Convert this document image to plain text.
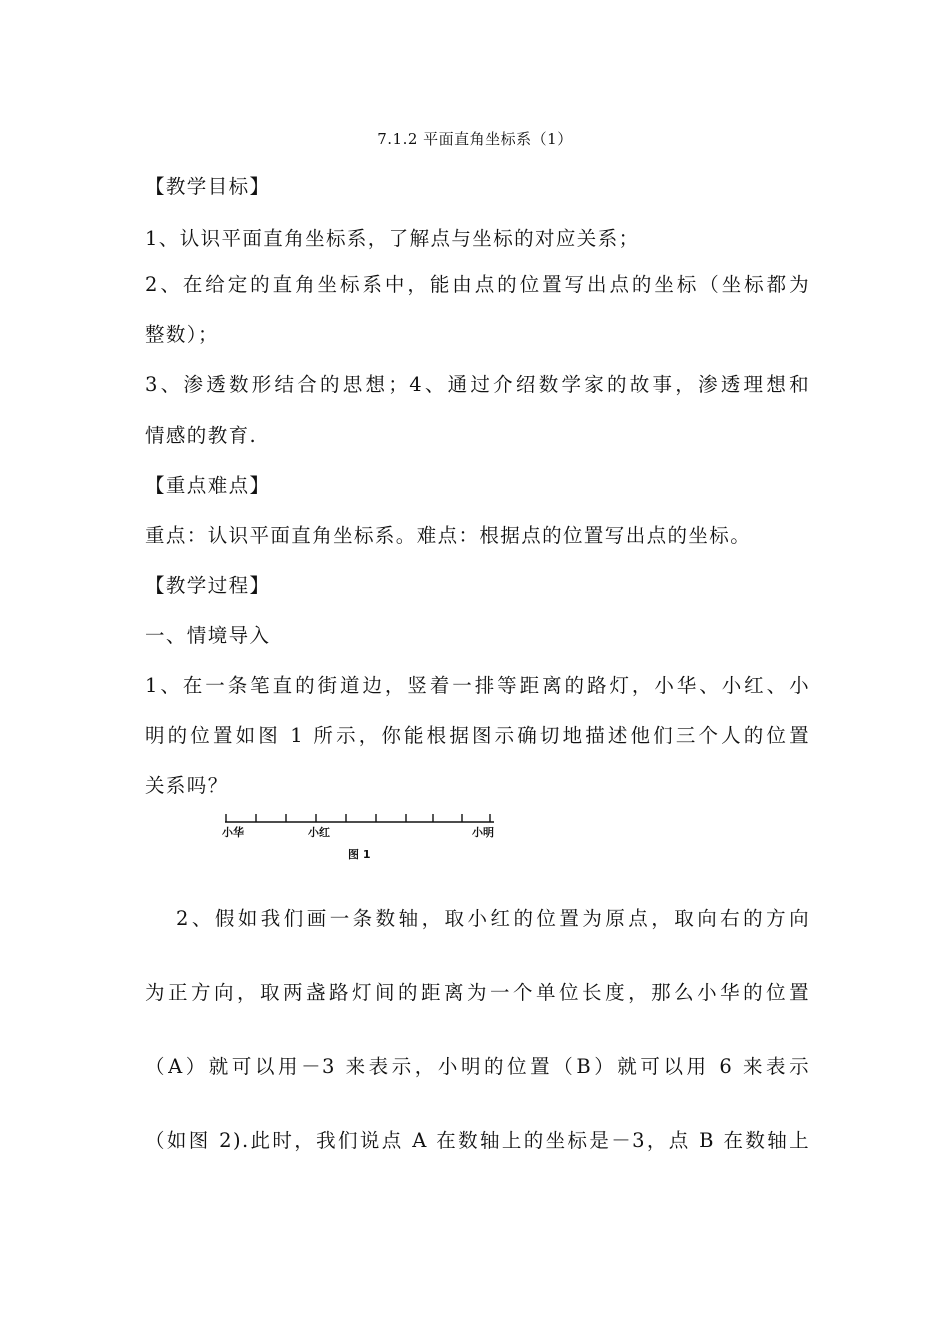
7.1.2 平面直角坐标系（1）
【教学目标】
1、认识平面直角坐标系，了解点与坐标的对应关系；
2、在给定的直角坐标系中，能由点的位置写出点的坐标（坐标都为
整数）；
3、渗透数形结合的思想；4、通过介绍数学家的故事，渗透理想和
情感的教育.
【重点难点】
重点：认识平面直角坐标系。难点：根据点的位置写出点的坐标。
【教学过程】
一、情境导入
1、在一条笔直的街道边，竖着一排等距离的路灯，小华、小红、小
明的位置如图 1 所示，你能根据图示确切地描述他们三个人的位置
关系吗？
小华	小红	小明
图 1
2、假如我们画一条数轴，取小红的位置为原点，取向右的方向
为正方向，取两盏路灯间的距离为一个单位长度，那么小华的位置
（A）就可以用－3 来表示，小明的位置（B）就可以用 6 来表示
（如图 2).此时，我们说点 A 在数轴上的坐标是－3，点 B 在数轴上
